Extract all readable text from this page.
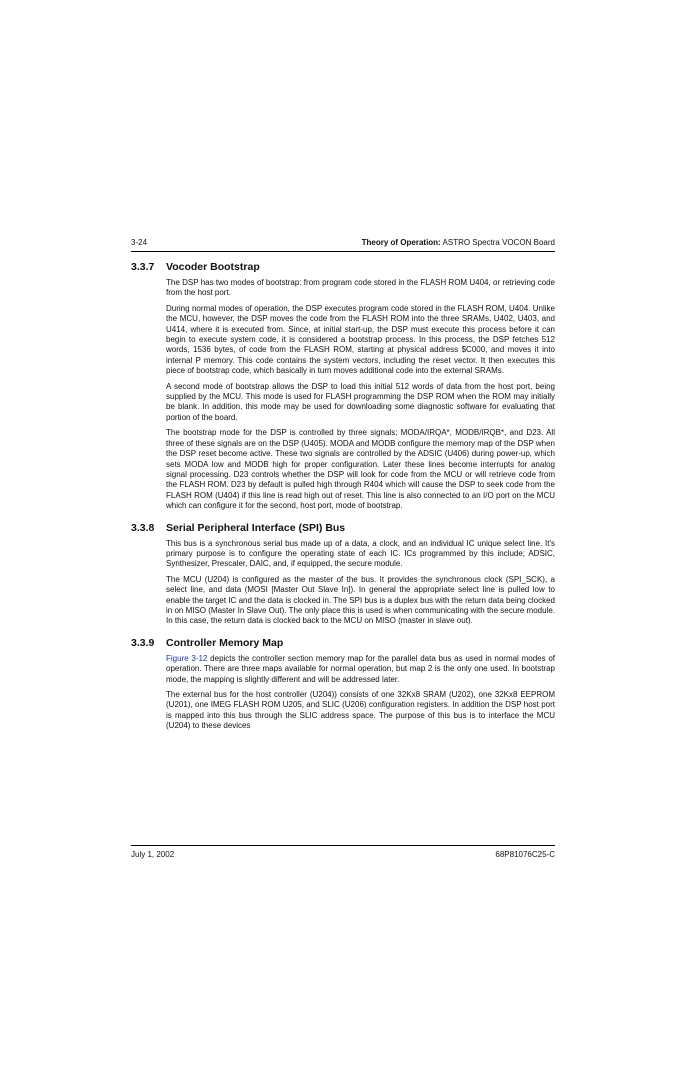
3-24	Theory of Operation: ASTRO Spectra VOCON Board
3.3.7	Vocoder Bootstrap

The DSP has two modes of bootstrap: from program code stored in the FLASH ROM U404, or retrieving code from the host port.

During normal modes of operation, the DSP executes program code stored in the FLASH ROM, U404. Unlike the MCU, however, the DSP moves the code from the FLASH ROM into the three SRAMs, U402, U403, and U414, where it is executed from. Since, at initial start-up, the DSP must execute this process before it can begin to execute system code, it is considered a bootstrap process. In this process, the DSP fetches 512 words, 1536 bytes, of code from the FLASH ROM, starting at physical address $C000, and moves it into internal P memory. This code contains the system vectors, including the reset vector. It then executes this piece of bootstrap code, which basically in turn moves additional code into the external SRAMs.

A second mode of bootstrap allows the DSP to load this initial 512 words of data from the host port, being supplied by the MCU. This mode is used for FLASH programming the DSP ROM when the ROM may initially be blank. In addition, this mode may be used for downloading some diagnostic software for evaluating that portion of the board.

The bootstrap mode for the DSP is controlled by three signals; MODA/IRQA*, MODB/IRQB*, and D23. All three of these signals are on the DSP (U405). MODA and MODB configure the memory map of the DSP when the DSP reset become active. These two signals are controlled by the ADSIC (U406) during power-up, which sets MODA low and MODB high for proper configuration. Later these lines become interrupts for analog signal processing. D23 controls whether the DSP will look for code from the MCU or will retrieve code from the FLASH ROM. D23 by default is pulled high through R404 which will cause the DSP to seek code from the FLASH ROM (U404) if this line is read high out of reset. This line is also connected to an I/O port on the MCU which can configure it for the second, host port, mode of bootstrap.

3.3.8	Serial Peripheral Interface (SPI) Bus

This bus is a synchronous serial bus made up of a data, a clock, and an individual IC unique select line. It's primary purpose is to configure the operating state of each IC. ICs programmed by this include; ADSIC, Synthesizer, Prescaler, DAIC, and, if equipped, the secure module.

The MCU (U204) is configured as the master of the bus. It provides the synchronous clock (SPI_SCK), a select line, and data (MOSI [Master Out Slave In]). In general the appropriate select line is pulled low to enable the target IC and the data is clocked in. The SPI bus is a duplex bus with the return data being clocked in on MISO (Master In Slave Out). The only place this is used is when communicating with the secure module. In this case, the return data is clocked back to the MCU on MISO (master in slave out).

3.3.9	Controller Memory Map

Figure 3-12 depicts the controller section memory map for the parallel data bus as used in normal modes of operation. There are three maps available for normal operation, but map 2 is the only one used. In bootstrap mode, the mapping is slightly different and will be addressed later.

The external bus for the host controller (U204)) consists of one 32Kx8 SRAM (U202), one 32Kx8 EEPROM (U201), one IMEG FLASH ROM U205, and SLIC (U206) configuration registers. In addition the DSP host port is mapped into this bus through the SLIC address space. The purpose of this bus is to interface the MCU (U204) to these devices

July 1, 2002	68P81076C25-C
